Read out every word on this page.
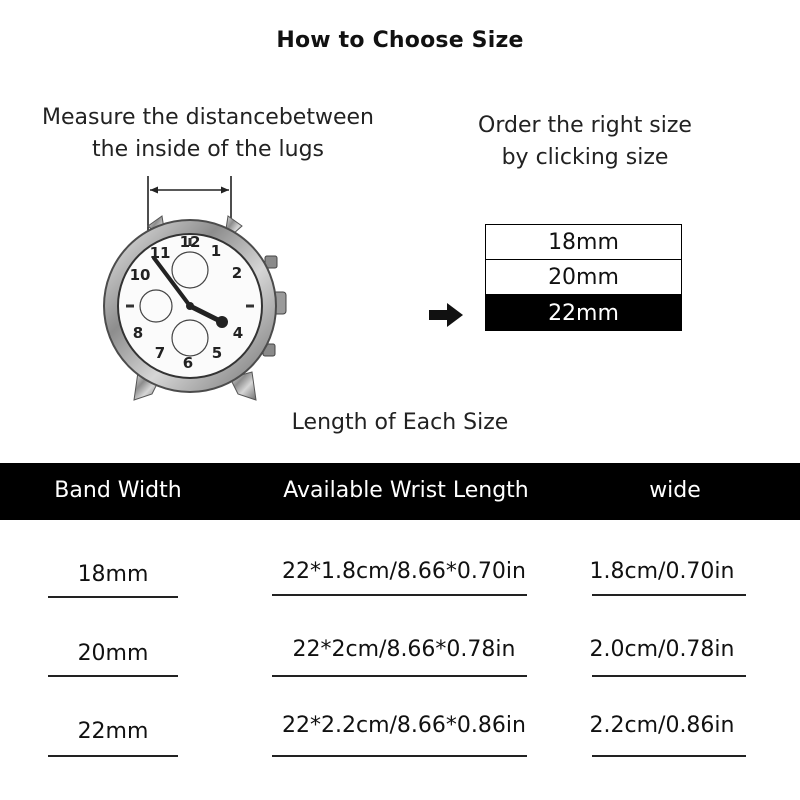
How to Choose Size
Measure the distancebetween
the inside of the lugs
Order the right size
by clicking size
12 1
2
4
5
6
7
8
10
11	18mm
20mm
22mm
Length of Each Size
Band Width	Available Wrist Length	wide
18mm	22*1.8cm/8.66*0.70in	1.8cm/0.70in
20mm	22*2cm/8.66*0.78in	2.0cm/0.78in
22mm	22*2.2cm/8.66*0.86in	2.2cm/0.86in
